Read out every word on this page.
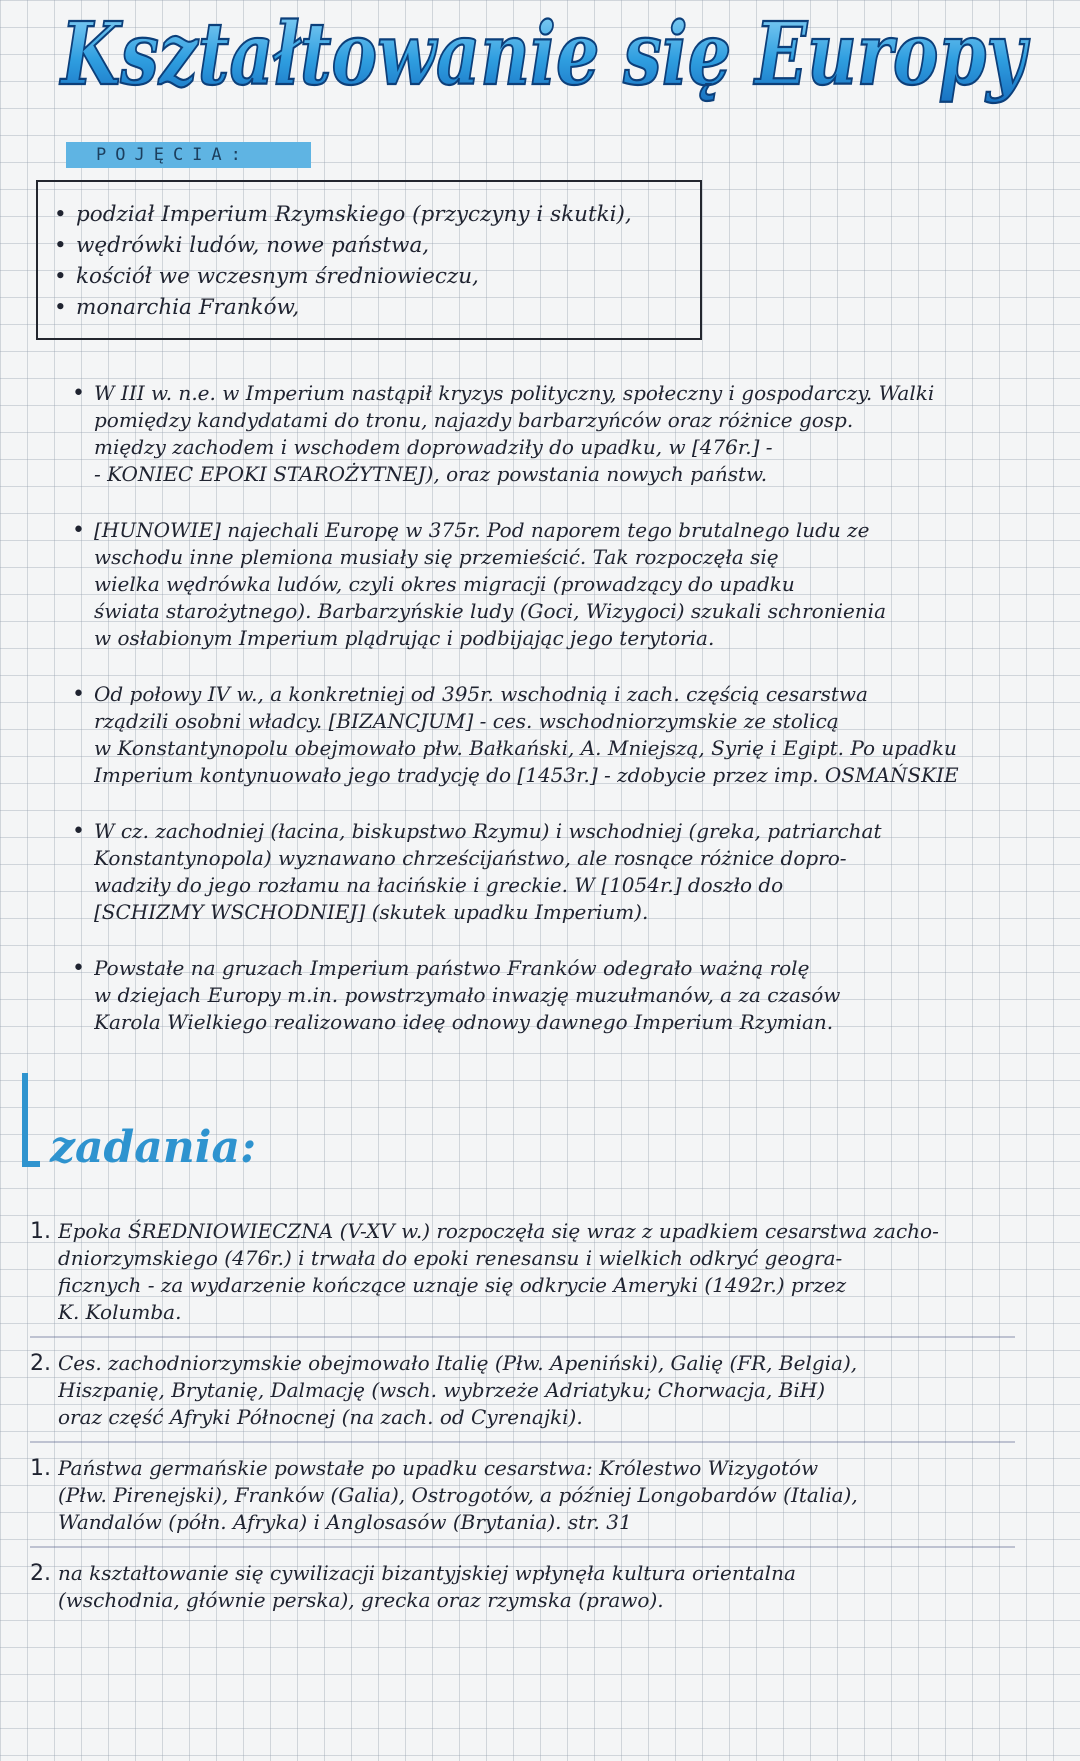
Kształtowanie się Europy
POJĘCIA:
• podział Imperium Rzymskiego (przyczyny i skutki),
• wędrówki ludów, nowe państwa,
• kościół we wczesnym średniowieczu,
• monarchia Franków,
• W III w. n.e. w Imperium nastąpił kryzys polityczny, społeczny i gospodarczy. Walki
pomiędzy kandydatami do tronu, najazdy barbarzyńców oraz różnice gosp.
między zachodem i wschodem doprowadziły do upadku, w [476r.] -
- KONIEC EPOKI STAROŻYTNEJ), oraz powstania nowych państw.
• [HUNOWIE] najechali Europę w 375r. Pod naporem tego brutalnego ludu ze
wschodu inne plemiona musiały się przemieścić. Tak rozpoczęła się
wielka wędrówka ludów, czyli okres migracji (prowadzący do upadku
świata starożytnego). Barbarzyńskie ludy (Goci, Wizygoci) szukali schronienia
w osłabionym Imperium plądrując i podbijając jego terytoria.
• Od połowy IV w., a konkretniej od 395r. wschodnią i zach. częścią cesarstwa
rządzili osobni władcy. [BIZANCJUM] - ces. wschodniorzymskie ze stolicą
w Konstantynopolu obejmowało płw. Bałkański, A. Mniejszą, Syrię i Egipt. Po upadku
Imperium kontynuowało jego tradycję do [1453r.] - zdobycie przez imp. OSMAŃSKIE
• W cz. zachodniej (łacina, biskupstwo Rzymu) i wschodniej (greka, patriarchat
Konstantynopola) wyznawano chrześcijaństwo, ale rosnące różnice dopro-
wadziły do jego rozłamu na łacińskie i greckie. W [1054r.] doszło do
[SCHIZMY WSCHODNIEJ] (skutek upadku Imperium).
• Powstałe na gruzach Imperium państwo Franków odegrało ważną rolę
w dziejach Europy m.in. powstrzymało inwazję muzułmanów, a za czasów
Karola Wielkiego realizowano ideę odnowy dawnego Imperium Rzymian.
zadania:
1. Epoka ŚREDNIOWIECZNA (V-XV w.) rozpoczęła się wraz z upadkiem cesarstwa zacho-
dniorzymskiego (476r.) i trwała do epoki renesansu i wielkich odkryć geogra-
ficznych - za wydarzenie kończące uznaje się odkrycie Ameryki (1492r.) przez
K. Kolumba.
2. Ces. zachodniorzymskie obejmowało Italię (Płw. Apeniński), Galię (FR, Belgia),
Hiszpanię, Brytanię, Dalmację (wsch. wybrzeże Adriatyku; Chorwacja, BiH)
oraz część Afryki Północnej (na zach. od Cyrenajki).
1. Państwa germańskie powstałe po upadku cesarstwa: Królestwo Wizygotów
(Płw. Pirenejski), Franków (Galia), Ostrogotów, a później Longobardów (Italia),
Wandalów (półn. Afryka) i Anglosasów (Brytania). str. 31
2. na kształtowanie się cywilizacji bizantyjskiej wpłynęła kultura orientalna
(wschodnia, głównie perska), grecka oraz rzymska (prawo).
